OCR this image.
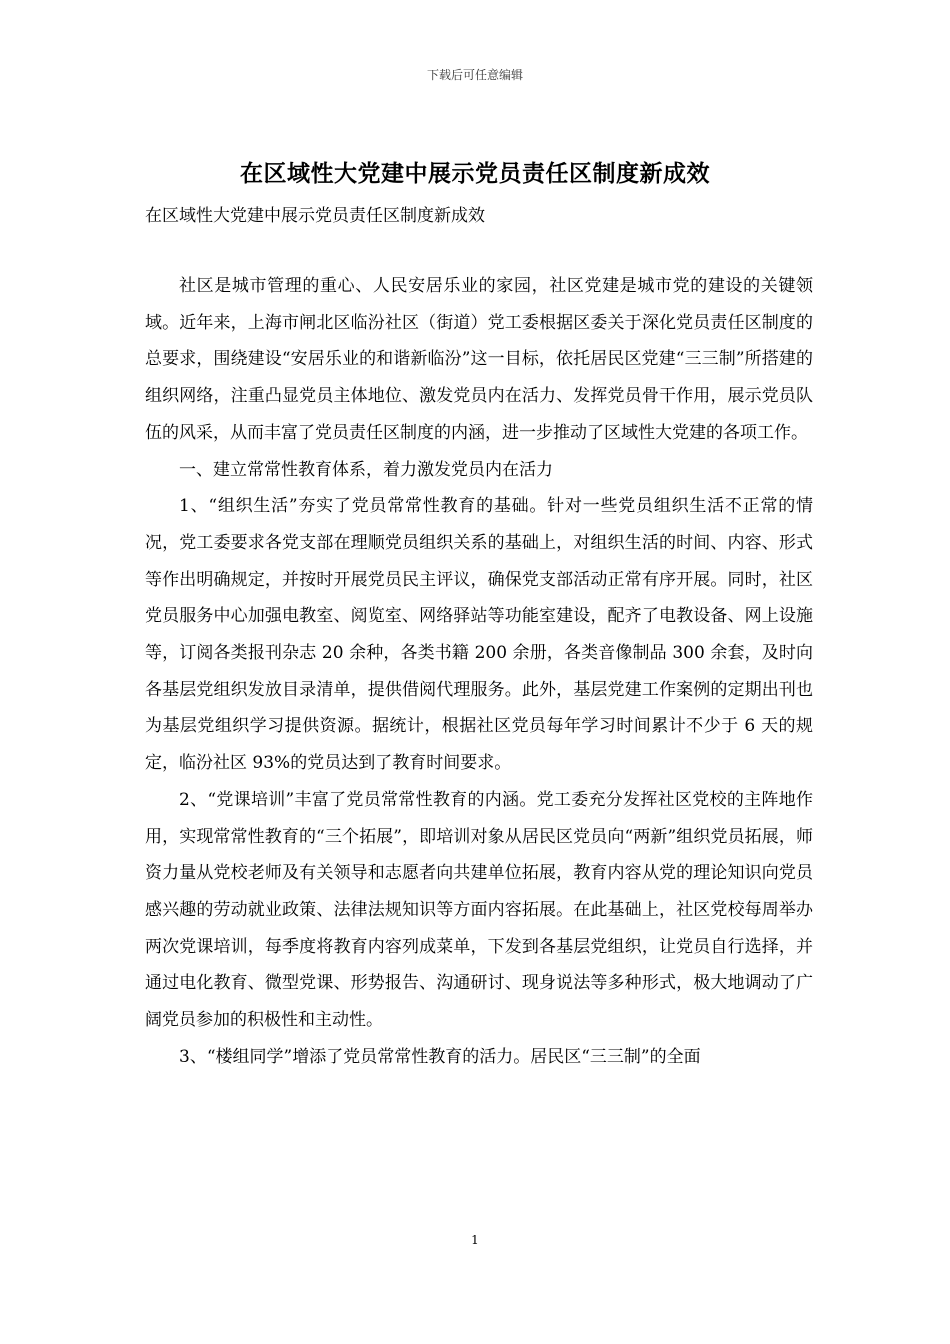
下载后可任意编辑
在区域性大党建中展示党员责任区制度新成效

在区域性大党建中展示党员责任区制度新成效

社区是城市管理的重心、人民安居乐业的家园，社区党建是城市党的建设的关键领域。近年来，上海市闸北区临汾社区（街道）党工委根据区委关于深化党员责任区制度的总要求，围绕建设“安居乐业的和谐新临汾”这一目标，依托居民区党建“三三制”所搭建的组织网络，注重凸显党员主体地位、激发党员内在活力、发挥党员骨干作用，展示党员队伍的风采，从而丰富了党员责任区制度的内涵，进一步推动了区域性大党建的各项工作。

一、建立常常性教育体系，着力激发党员内在活力

1、“组织生活”夯实了党员常常性教育的基础。针对一些党员组织生活不正常的情况，党工委要求各党支部在理顺党员组织关系的基础上，对组织生活的时间、内容、形式等作出明确规定，并按时开展党员民主评议，确保党支部活动正常有序开展。同时，社区党员服务中心加强电教室、阅览室、网络驿站等功能室建设，配齐了电教设备、网上设施等，订阅各类报刊杂志 20 余种，各类书籍 200 余册，各类音像制品 300 余套，及时向各基层党组织发放目录清单，提供借阅代理服务。此外，基层党建工作案例的定期出刊也为基层党组织学习提供资源。据统计，根据社区党员每年学习时间累计不少于 6 天的规定，临汾社区 93%的党员达到了教育时间要求。

2、“党课培训”丰富了党员常常性教育的内涵。党工委充分发挥社区党校的主阵地作用，实现常常性教育的“三个拓展”，即培训对象从居民区党员向“两新”组织党员拓展，师资力量从党校老师及有关领导和志愿者向共建单位拓展，教育内容从党的理论知识向党员感兴趣的劳动就业政策、法律法规知识等方面内容拓展。在此基础上，社区党校每周举办两次党课培训，每季度将教育内容列成菜单，下发到各基层党组织，让党员自行选择，并通过电化教育、微型党课、形势报告、沟通研讨、现身说法等多种形式，极大地调动了广阔党员参加的积极性和主动性。

3、“楼组同学”增添了党员常常性教育的活力。居民区“三三制”的全面

1
